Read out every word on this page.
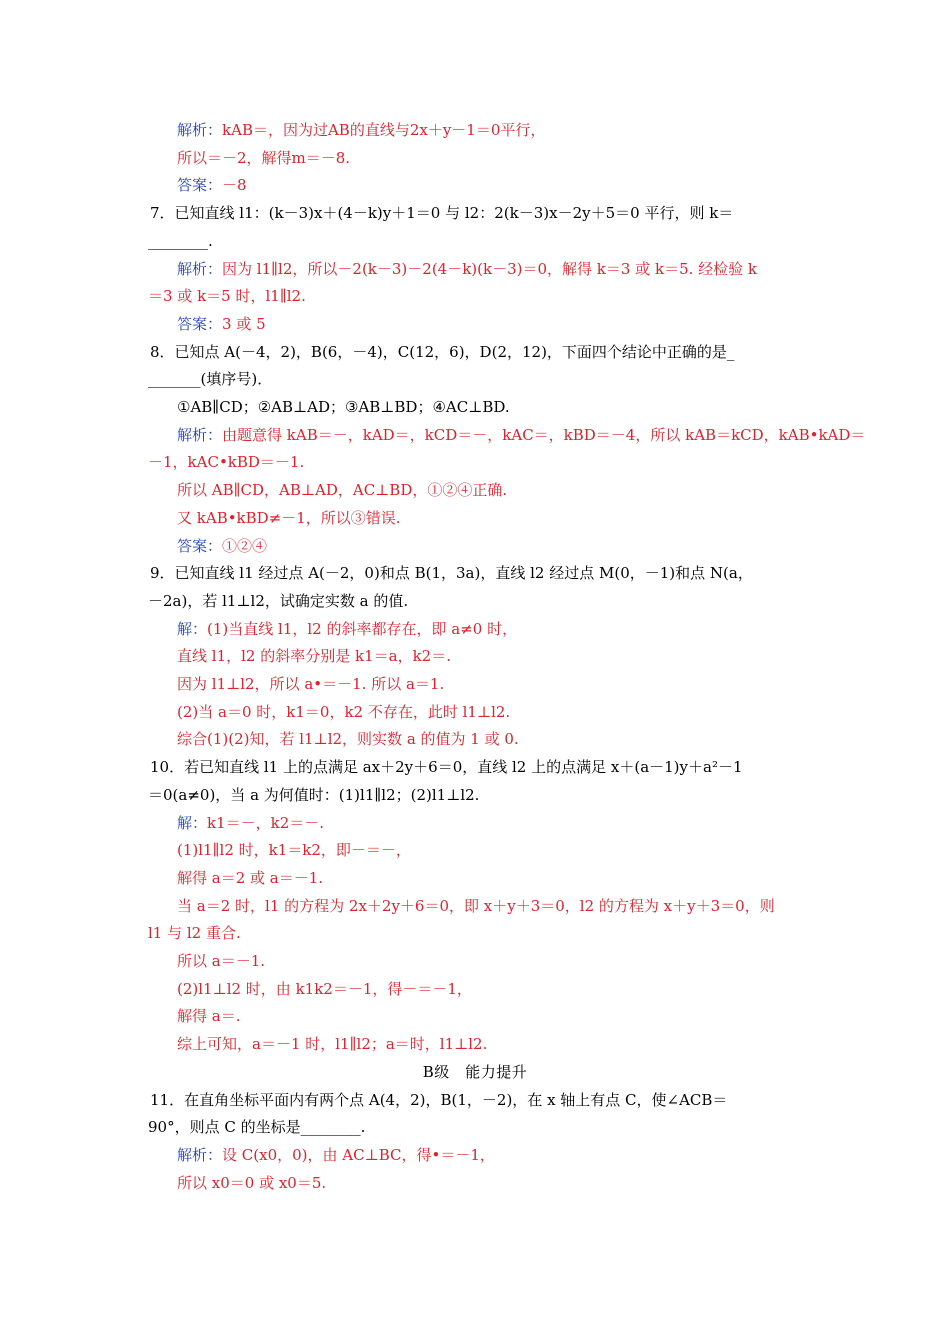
解析：kAB＝，因为过AB的直线与2x＋y－1＝0平行，
所以＝－2，解得m＝－8.
答案：－8
7．已知直线 l1：(k－3)x＋(4－k)y＋1＝0 与 l2：2(k－3)x－2y＋5＝0 平行，则 k＝
________.
解析：因为 l1∥l2，所以－2(k－3)－2(4－k)(k－3)＝0，解得 k＝3 或 k＝5. 经检验 k
＝3 或 k＝5 时，l1∥l2.
答案：3 或 5
8．已知点 A(－4，2)，B(6，－4)，C(12，6)，D(2，12)，下面四个结论中正确的是_
_______(填序号)．
①AB∥CD；②AB⊥AD；③AB⊥BD；④AC⊥BD.
解析：由题意得 kAB＝－，kAD＝，kCD＝－，kAC＝，kBD＝－4，所以 kAB＝kCD，kAB•kAD＝
－1，kAC•kBD＝－1.
所以 AB∥CD，AB⊥AD，AC⊥BD，①②④正确.
又 kAB•kBD≠－1，所以③错误.
答案：①②④
9．已知直线 l1 经过点 A(－2，0)和点 B(1，3a)，直线 l2 经过点 M(0，－1)和点 N(a，
－2a)，若 l1⊥l2，试确定实数 a 的值.
解：(1)当直线 l1，l2 的斜率都存在，即 a≠0 时，
直线 l1，l2 的斜率分别是 k1＝a，k2＝.
因为 l1⊥l2，所以 a•＝－1. 所以 a＝1.
(2)当 a＝0 时，k1＝0，k2 不存在，此时 l1⊥l2.
综合(1)(2)知，若 l1⊥l2，则实数 a 的值为 1 或 0.
10．若已知直线 l1 上的点满足 ax＋2y＋6＝0，直线 l2 上的点满足 x＋(a－1)y＋a²－1
＝0(a≠0)，当 a 为何值时：(1)l1∥l2；(2)l1⊥l2.
解：k1＝－，k2＝－.
(1)l1∥l2 时，k1＝k2，即－＝－，
解得 a＝2 或 a＝－1.
当 a＝2 时，l1 的方程为 2x＋2y＋6＝0，即 x＋y＋3＝0，l2 的方程为 x＋y＋3＝0，则
l1 与 l2 重合.
所以 a＝－1.
(2)l1⊥l2 时，由 k1k2＝－1，得－＝－1，
解得 a＝.
综上可知，a＝－1 时，l1∥l2；a＝时，l1⊥l2.
B级　能力提升
11．在直角坐标平面内有两个点 A(4，2)，B(1，－2)，在 x 轴上有点 C，使∠ACB＝
90°，则点 C 的坐标是________.
解析：设 C(x0，0)，由 AC⊥BC，得•＝－1，
所以 x0＝0 或 x0＝5.
